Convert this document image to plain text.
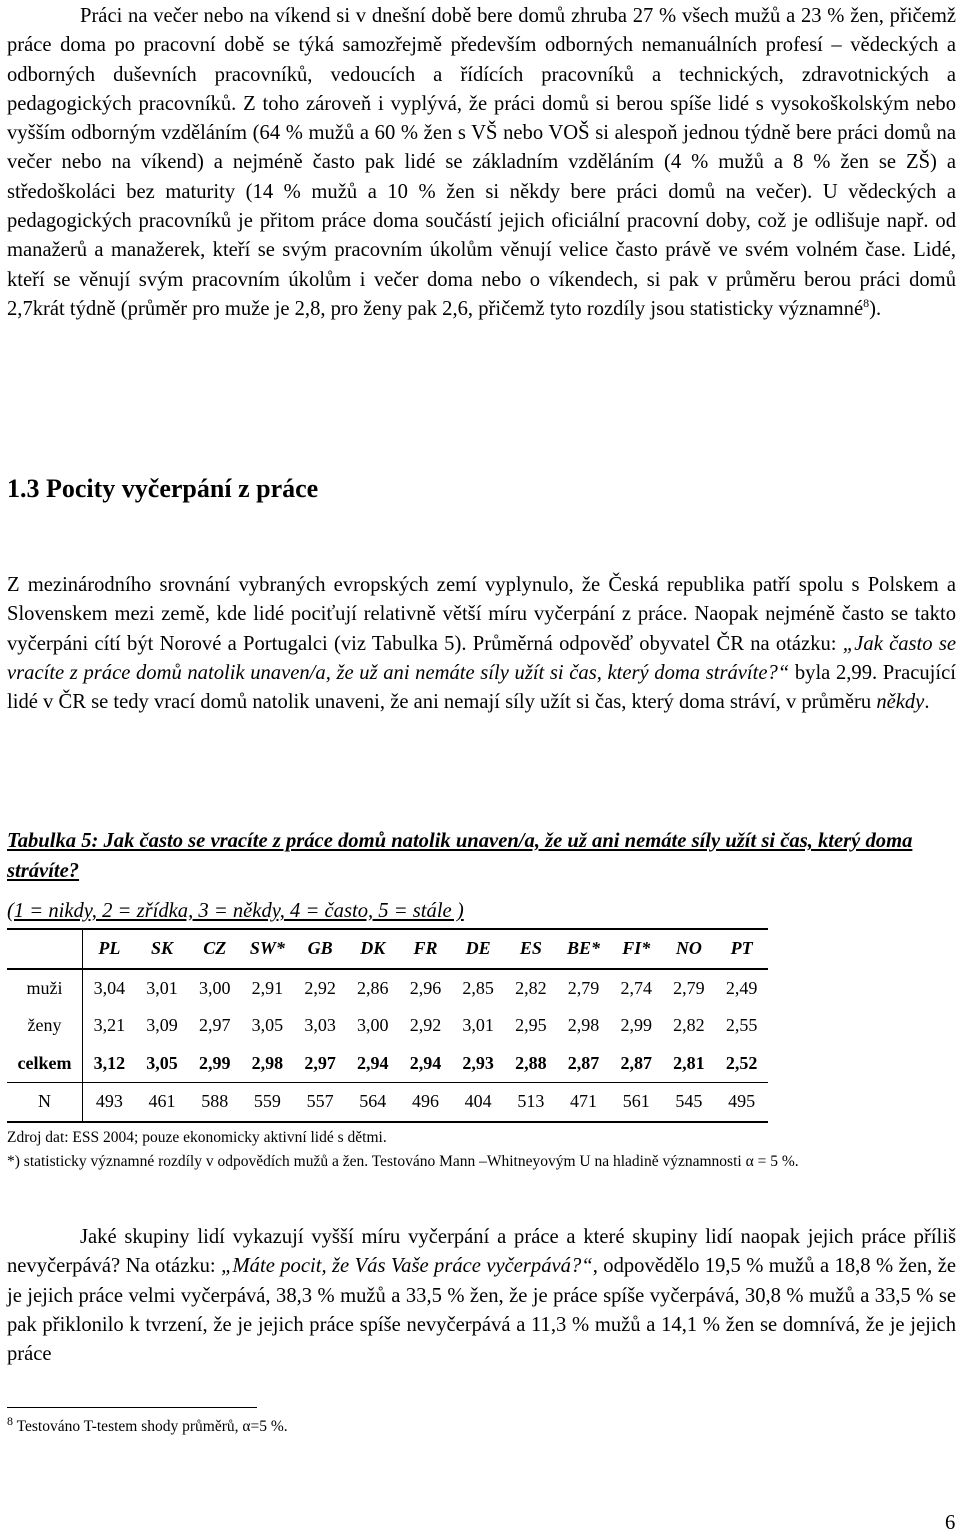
Práci na večer nebo na víkend si v dnešní době bere domů zhruba 27 % všech mužů a 23 % žen, přičemž práce doma po pracovní době se týká samozřejmě především odborných nemanuálních profesí – vědeckých a odborných duševních pracovníků, vedoucích a řídících pracovníků a technických, zdravotnických a pedagogických pracovníků. Z toho zároveň i vyplývá, že práci domů si berou spíše lidé s vysokoškolským nebo vyšším odborným vzděláním (64 % mužů a 60 % žen s VŠ nebo VOŠ si alespoň jednou týdně bere práci domů na večer nebo na víkend) a nejméně často pak lidé se základním vzděláním (4 % mužů a 8 % žen se ZŠ) a středoškoláci bez maturity (14 % mužů a 10 % žen si někdy bere práci domů na večer). U vědeckých a pedagogických pracovníků je přitom práce doma součástí jejich oficiální pracovní doby, což je odlišuje např. od manažerů a manažerek, kteří se svým pracovním úkolům věnují velice často právě ve svém volném čase. Lidé, kteří se věnují svým pracovním úkolům i večer doma nebo o víkendech, si pak v průměru berou práci domů 2,7krát týdně (průměr pro muže je 2,8, pro ženy pak 2,6, přičemž tyto rozdíly jsou statisticky významné$^8$).

1.3 Pocity vyčerpání z práce

Z mezinárodního srovnání vybraných evropských zemí vyplynulo, že Česká republika patří spolu s Polskem a Slovenskem mezi země, kde lidé pociťují relativně větší míru vyčerpání z práce. Naopak nejméně často se takto vyčerpáni cítí být Norové a Portugalci (viz Tabulka 5). Průměrná odpověď obyvatel ČR na otázku: „Jak často se vracíte z práce domů natolik unaven/a, že už ani nemáte síly užít si čas, který doma strávíte?“ byla 2,99. Pracující lidé v ČR se tedy vrací domů natolik unaveni, že ani nemají síly užít si čas, který doma stráví, v průměru někdy.

Tabulka 5: Jak často se vracíte z práce domů natolik unaven/a, že už ani nemáte síly užít si čas, který doma strávíte?

(1 = nikdy, 2 = zřídka, 3 = někdy, 4 = často, 5 = stále )

	PL	SK	CZ	SW*	GB	DK	FR	DE	ES	BE*	FI*	NO	PT
muži	3,04	3,01	3,00	2,91	2,92	2,86	2,96	2,85	2,82	2,79	2,74	2,79	2,49
ženy	3,21	3,09	2,97	3,05	3,03	3,00	2,92	3,01	2,95	2,98	2,99	2,82	2,55
celkem	3,12	3,05	2,99	2,98	2,97	2,94	2,94	2,93	2,88	2,87	2,87	2,81	2,52
N	493	461	588	559	557	564	496	404	513	471	561	545	495
Zdroj dat: ESS 2004; pouze ekonomicky aktivní lidé s dětmi.
*) statisticky významné rozdíly v odpovědích mužů a žen. Testováno Mann –Whitneyovým U na hladině významnosti α = 5 %.

Jaké skupiny lidí vykazují vyšší míru vyčerpání a práce a které skupiny lidí naopak jejich práce příliš nevyčerpává? Na otázku: „Máte pocit, že Vás Vaše práce vyčerpává?“, odpovědělo 19,5 % mužů a 18,8 % žen, že je jejich práce velmi vyčerpává, 38,3 % mužů a 33,5 % žen, že je práce spíše vyčerpává, 30,8 % mužů a 33,5 % se pak přiklonilo k tvrzení, že je jejich práce spíše nevyčerpává a 11,3 % mužů a 14,1 % žen se domnívá, že je jejich práce

$^8$ Testováno T-testem shody průměrů, α=5 %.
6
